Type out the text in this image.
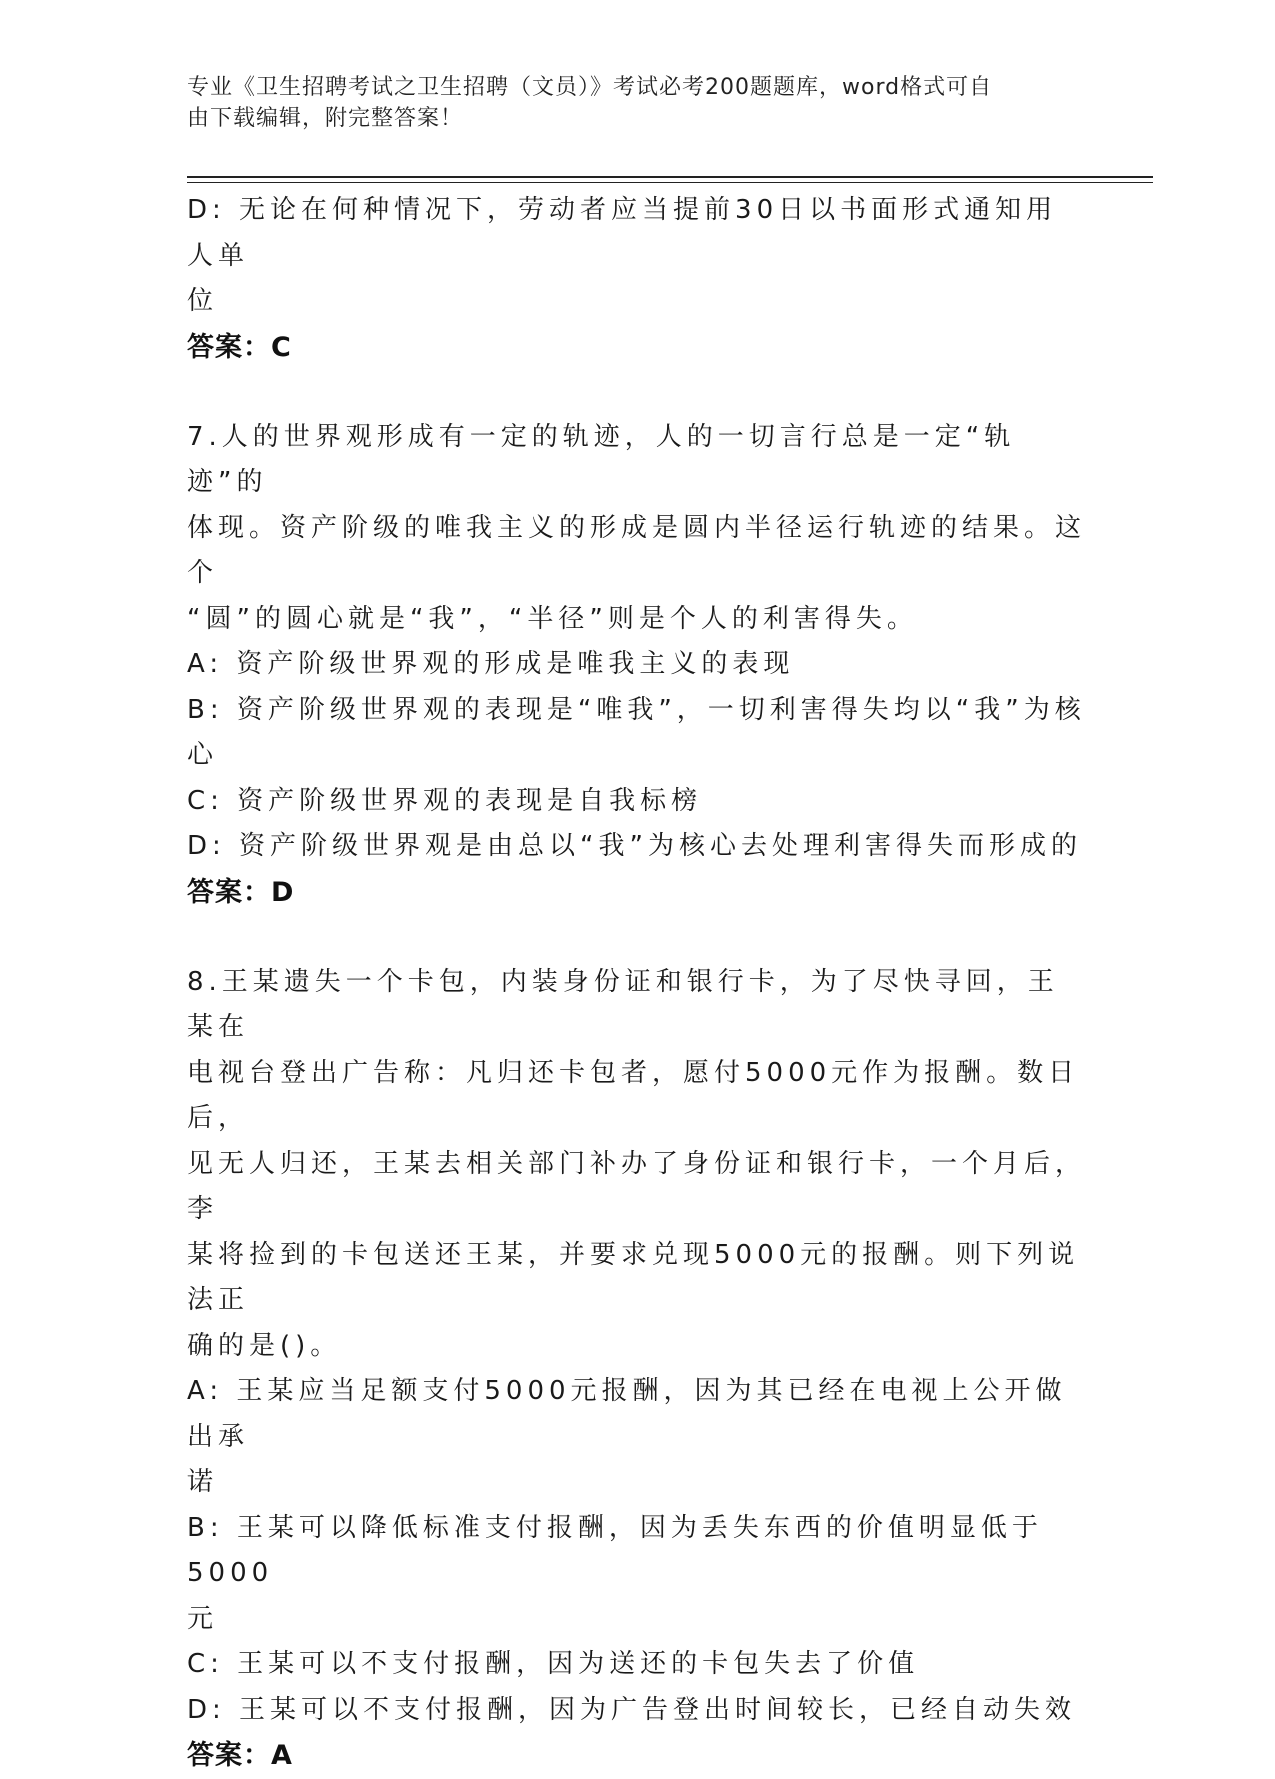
专业《卫生招聘考试之卫生招聘（文员）》考试必考200题题库，word格式可自
由下载编辑，附完整答案！
D: 无论在何种情况下，劳动者应当提前30日以书面形式通知用人单
位
答案：C
7.人的世界观形成有一定的轨迹，人的一切言行总是一定“轨迹”的
体现。资产阶级的唯我主义的形成是圆内半径运行轨迹的结果。这个
“圆”的圆心就是“我”，“半径”则是个人的利害得失。
A: 资产阶级世界观的形成是唯我主义的表现
B: 资产阶级世界观的表现是“唯我”，一切利害得失均以“我”为核
心
C: 资产阶级世界观的表现是自我标榜
D: 资产阶级世界观是由总以“我”为核心去处理利害得失而形成的
答案：D
8.王某遗失一个卡包，内装身份证和银行卡，为了尽快寻回，王某在
电视台登出广告称：凡归还卡包者，愿付5000元作为报酬。数日后，
见无人归还，王某去相关部门补办了身份证和银行卡，一个月后，李
某将捡到的卡包送还王某，并要求兑现5000元的报酬。则下列说法正
确的是()。
A: 王某应当足额支付5000元报酬，因为其已经在电视上公开做出承
诺
B: 王某可以降低标准支付报酬，因为丢失东西的价值明显低于5000
元
C: 王某可以不支付报酬，因为送还的卡包失去了价值
D: 王某可以不支付报酬，因为广告登出时间较长，已经自动失效
答案：A
